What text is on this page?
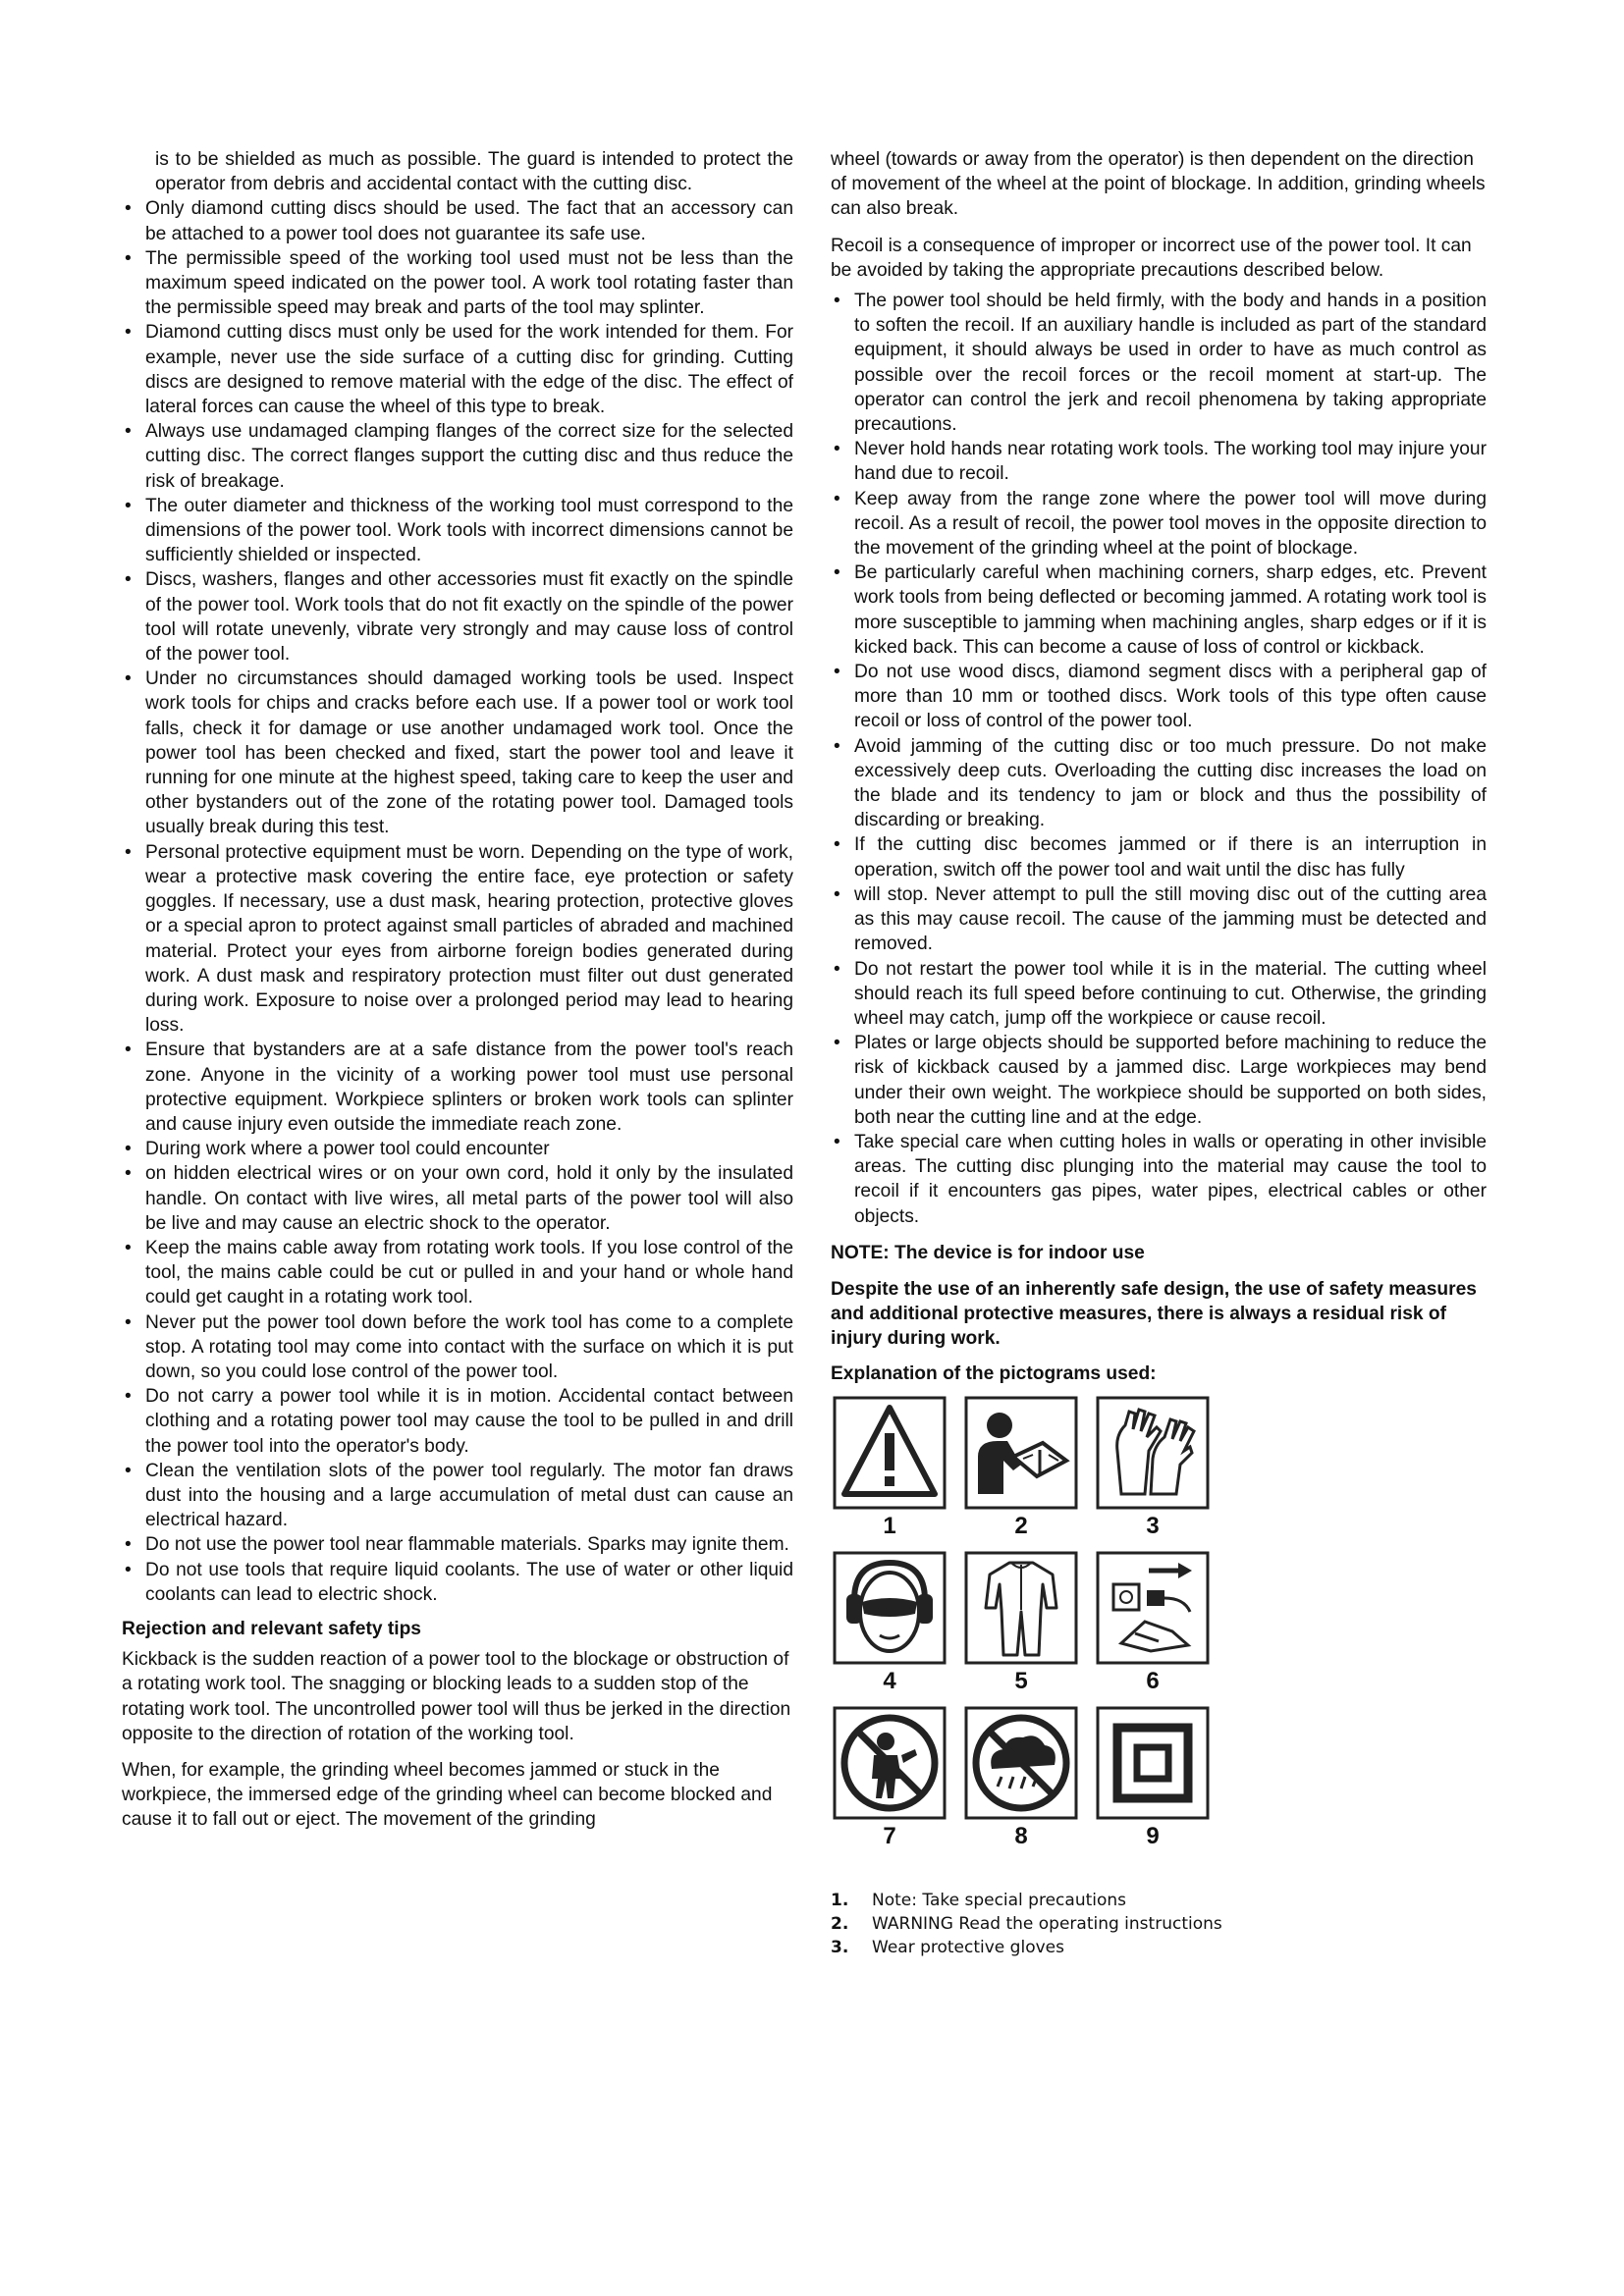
is to be shielded as much as possible. The guard is intended to protect the operator from debris and accidental contact with the cutting disc.

• Only diamond cutting discs should be used. The fact that an accessory can be attached to a power tool does not guarantee its safe use.
• The permissible speed of the working tool used must not be less than the maximum speed indicated on the power tool. A work tool rotating faster than the permissible speed may break and parts of the tool may splinter.
• Diamond cutting discs must only be used for the work intended for them. For example, never use the side surface of a cutting disc for grinding. Cutting discs are designed to remove material with the edge of the disc. The effect of lateral forces can cause the wheel of this type to break.
• Always use undamaged clamping flanges of the correct size for the selected cutting disc. The correct flanges support the cutting disc and thus reduce the risk of breakage.
• The outer diameter and thickness of the working tool must correspond to the dimensions of the power tool. Work tools with incorrect dimensions cannot be sufficiently shielded or inspected.
• Discs, washers, flanges and other accessories must fit exactly on the spindle of the power tool. Work tools that do not fit exactly on the spindle of the power tool will rotate unevenly, vibrate very strongly and may cause loss of control of the power tool.
• Under no circumstances should damaged working tools be used. Inspect work tools for chips and cracks before each use. If a power tool or work tool falls, check it for damage or use another undamaged work tool. Once the power tool has been checked and fixed, start the power tool and leave it running for one minute at the highest speed, taking care to keep the user and other bystanders out of the zone of the rotating power tool. Damaged tools usually break during this test.
• Personal protective equipment must be worn. Depending on the type of work, wear a protective mask covering the entire face, eye protection or safety goggles. If necessary, use a dust mask, hearing protection, protective gloves or a special apron to protect against small particles of abraded and machined material. Protect your eyes from airborne foreign bodies generated during work. A dust mask and respiratory protection must filter out dust generated during work. Exposure to noise over a prolonged period may lead to hearing loss.
• Ensure that bystanders are at a safe distance from the power tool's reach zone. Anyone in the vicinity of a working power tool must use personal protective equipment. Workpiece splinters or broken work tools can splinter and cause injury even outside the immediate reach zone.
• During work where a power tool could encounter
• on hidden electrical wires or on your own cord, hold it only by the insulated handle. On contact with live wires, all metal parts of the power tool will also be live and may cause an electric shock to the operator.
• Keep the mains cable away from rotating work tools. If you lose control of the tool, the mains cable could be cut or pulled in and your hand or whole hand could get caught in a rotating work tool.
• Never put the power tool down before the work tool has come to a complete stop. A rotating tool may come into contact with the surface on which it is put down, so you could lose control of the power tool.
• Do not carry a power tool while it is in motion. Accidental contact between clothing and a rotating power tool may cause the tool to be pulled in and drill the power tool into the operator's body.
• Clean the ventilation slots of the power tool regularly. The motor fan draws dust into the housing and a large accumulation of metal dust can cause an electrical hazard.
• Do not use the power tool near flammable materials. Sparks may ignite them.
• Do not use tools that require liquid coolants. The use of water or other liquid coolants can lead to electric shock.

Rejection and relevant safety tips

Kickback is the sudden reaction of a power tool to the blockage or obstruction of a rotating work tool. The snagging or blocking leads to a sudden stop of the rotating work tool. The uncontrolled power tool will thus be jerked in the direction opposite to the direction of rotation of the working tool.

When, for example, the grinding wheel becomes jammed or stuck in the workpiece, the immersed edge of the grinding wheel can become blocked and cause it to fall out or eject. The movement of the grinding

wheel (towards or away from the operator) is then dependent on the direction of movement of the wheel at the point of blockage. In addition, grinding wheels can also break.

Recoil is a consequence of improper or incorrect use of the power tool. It can be avoided by taking the appropriate precautions described below.

• The power tool should be held firmly, with the body and hands in a position to soften the recoil. If an auxiliary handle is included as part of the standard equipment, it should always be used in order to have as much control as possible over the recoil forces or the recoil moment at start-up. The operator can control the jerk and recoil phenomena by taking appropriate precautions.
• Never hold hands near rotating work tools. The working tool may injure your hand due to recoil.
• Keep away from the range zone where the power tool will move during recoil. As a result of recoil, the power tool moves in the opposite direction to the movement of the grinding wheel at the point of blockage.
• Be particularly careful when machining corners, sharp edges, etc. Prevent work tools from being deflected or becoming jammed. A rotating work tool is more susceptible to jamming when machining angles, sharp edges or if it is kicked back. This can become a cause of loss of control or kickback.
• Do not use wood discs, diamond segment discs with a peripheral gap of more than 10 mm or toothed discs. Work tools of this type often cause recoil or loss of control of the power tool.
• Avoid jamming of the cutting disc or too much pressure. Do not make excessively deep cuts. Overloading the cutting disc increases the load on the blade and its tendency to jam or block and thus the possibility of discarding or breaking.
• If the cutting disc becomes jammed or if there is an interruption in operation, switch off the power tool and wait until the disc has fully
• will stop. Never attempt to pull the still moving disc out of the cutting area as this may cause recoil. The cause of the jamming must be detected and removed.
• Do not restart the power tool while it is in the material. The cutting wheel should reach its full speed before continuing to cut. Otherwise, the grinding wheel may catch, jump off the workpiece or cause recoil.
• Plates or large objects should be supported before machining to reduce the risk of kickback caused by a jammed disc. Large workpieces may bend under their own weight. The workpiece should be supported on both sides, both near the cutting line and at the edge.
• Take special care when cutting holes in walls or operating in other invisible areas. The cutting disc plunging into the material may cause the tool to recoil if it encounters gas pipes, water pipes, electrical cables or other objects.

NOTE: The device is for indoor use

Despite the use of an inherently safe design, the use of safety measures and additional protective measures, there is always a residual risk of injury during work.

Explanation of the pictograms used:

1	2	3
4	5	6
7	8	9
1.	Note: Take special precautions
2.	WARNING Read the operating instructions
3.	Wear protective gloves
